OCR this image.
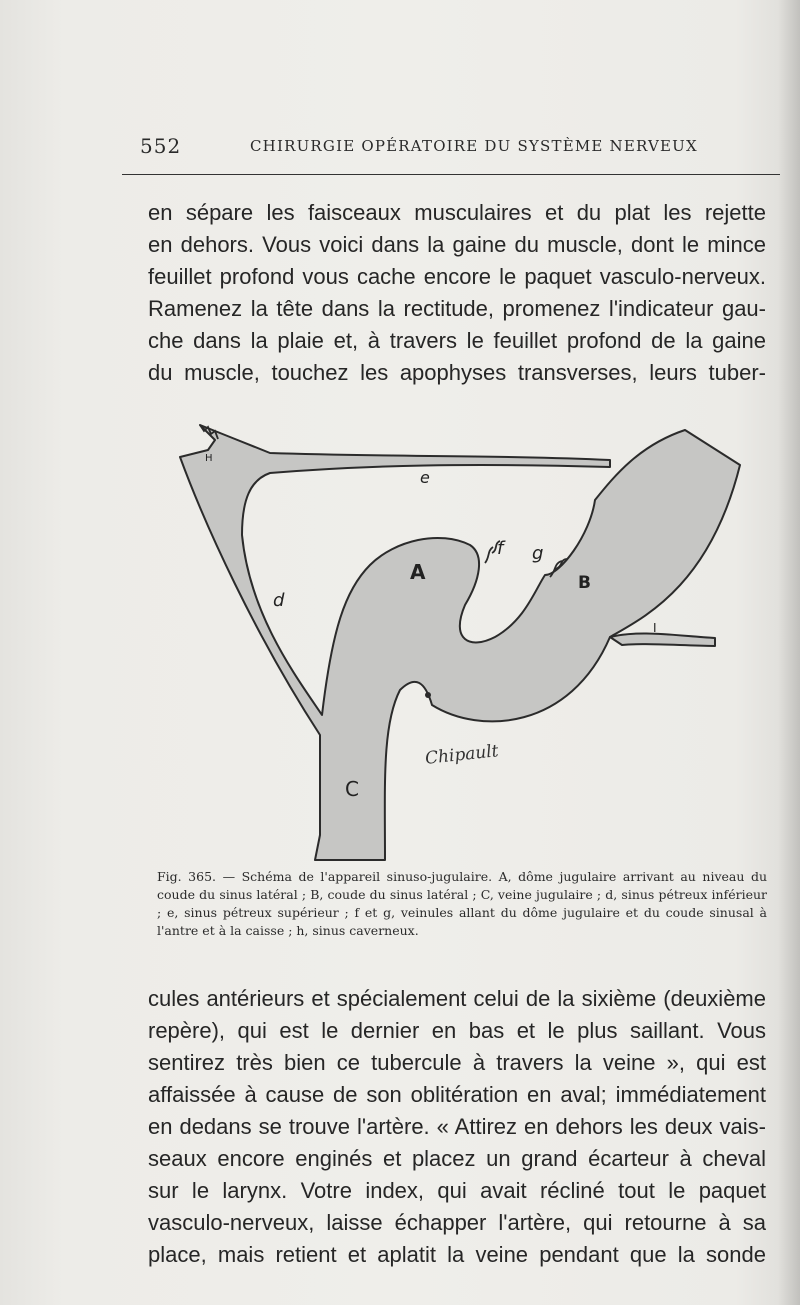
552	CHIRURGIE OPÉRATOIRE DU SYSTÈME NERVEUX
en sépare les faisceaux musculaires et du plat les rejette
en dehors. Vous voici dans la gaine du muscle, dont le mince
feuillet profond vous cache encore le paquet vasculo-nerveux.
Ramenez la tête dans la rectitude, promenez l'indicateur gau-
che dans la plaie et, à travers le feuillet profond de la gaine
du muscle, touchez les apophyses transverses, leurs tuber-
H
e
d
A
f g
B
I
C
Chipault
Fig. 365. — Schéma de l'appareil sinuso-jugulaire. A, dôme jugulaire arrivant au niveau du coude du sinus latéral ; B, coude du sinus latéral ; C, veine jugulaire ; d, sinus pétreux inférieur ; e, sinus pétreux supérieur ; f et g, veinules allant du dôme jugulaire et du coude sinusal à l'antre et à la caisse ; h, sinus caverneux.
cules antérieurs et spécialement celui de la sixième (deuxième
repère), qui est le dernier en bas et le plus saillant. Vous
sentirez très bien ce tubercule à travers la veine », qui est
affaissée à cause de son oblitération en aval; immédiatement
en dedans se trouve l'artère. « Attirez en dehors les deux vais-
seaux encore enginés et placez un grand écarteur à cheval
sur le larynx. Votre index, qui avait récliné tout le paquet
vasculo-nerveux, laisse échapper l'artère, qui retourne à sa
place, mais retient et aplatit la veine pendant que la sonde
